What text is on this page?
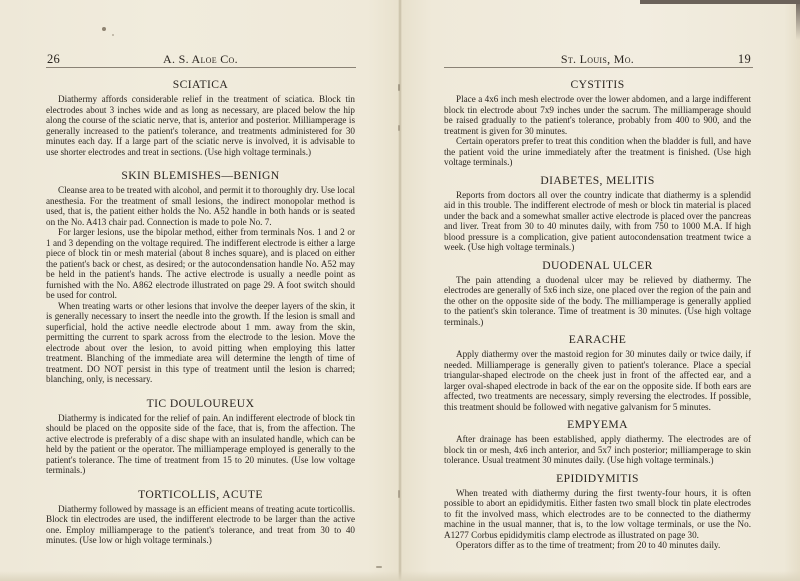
26	A. S. Aloe Co.
SCIATICA

Diathermy affords considerable relief in the treatment of sciatica. Block tin electrodes about 3 inches wide and as long as necessary, are placed below the hip along the course of the sciatic nerve, that is, anterior and posterior. Milliamperage is generally increased to the patient's tolerance, and treatments administered for 30 minutes each day. If a large part of the sciatic nerve is involved, it is advisable to use shorter electrodes and treat in sections. (Use high voltage terminals.)

SKIN BLEMISHES—BENIGN

Cleanse area to be treated with alcohol, and permit it to thoroughly dry. Use local anesthesia. For the treatment of small lesions, the indirect monopolar method is used, that is, the patient either holds the No. A52 handle in both hands or is seated on the No. A413 chair pad. Connection is made to pole No. 7.

For larger lesions, use the bipolar method, either from terminals Nos. 1 and 2 or 1 and 3 depending on the voltage required. The indifferent electrode is either a large piece of block tin or mesh material (about 8 inches square), and is placed on either the patient's back or chest, as desired; or the autocondensation handle No. A52 may be held in the patient's hands. The active electrode is usually a needle point as furnished with the No. A862 electrode illustrated on page 29. A foot switch should be used for control.

When treating warts or other lesions that involve the deeper layers of the skin, it is generally necessary to insert the needle into the growth. If the lesion is small and superficial, hold the active needle electrode about 1 mm. away from the skin, permitting the current to spark across from the electrode to the lesion. Move the electrode about over the lesion, to avoid pitting when employing this latter treatment. Blanching of the immediate area will determine the length of time of treatment. DO NOT persist in this type of treatment until the lesion is charred; blanching, only, is necessary.

TIC DOULOUREUX

Diathermy is indicated for the relief of pain. An indifferent electrode of block tin should be placed on the opposite side of the face, that is, from the affection. The active electrode is preferably of a disc shape with an insulated handle, which can be held by the patient or the operator. The milliamperage employed is generally to the patient's tolerance. The time of treatment from 15 to 20 minutes. (Use low voltage terminals.)

TORTICOLLIS, ACUTE

Diathermy followed by massage is an efficient means of treating acute torticollis. Block tin electrodes are used, the indifferent electrode to be larger than the active one. Employ milliamperage to the patient's tolerance, and treat from 30 to 40 minutes. (Use low or high voltage terminals.)

St. Louis, Mo.	19
CYSTITIS

Place a 4x6 inch mesh electrode over the lower abdomen, and a large indifferent block tin electrode about 7x9 inches under the sacrum. The milliamperage should be raised gradually to the patient's tolerance, probably from 400 to 900, and the treatment is given for 30 minutes.

Certain operators prefer to treat this condition when the bladder is full, and have the patient void the urine immediately after the treatment is finished. (Use high voltage terminals.)

DIABETES, MELITIS

Reports from doctors all over the country indicate that diathermy is a splendid aid in this trouble. The indifferent electrode of mesh or block tin material is placed under the back and a somewhat smaller active electrode is placed over the pancreas and liver. Treat from 30 to 40 minutes daily, with from 750 to 1000 M.A. If high blood pressure is a complication, give patient autocondensation treatment twice a week. (Use high voltage terminals.)

DUODENAL ULCER

The pain attending a duodenal ulcer may be relieved by diathermy. The electrodes are generally of 5x6 inch size, one placed over the region of the pain and the other on the opposite side of the body. The milliamperage is generally applied to the patient's skin tolerance. Time of treatment is 30 minutes. (Use high voltage terminals.)

EARACHE

Apply diathermy over the mastoid region for 30 minutes daily or twice daily, if needed. Milliamperage is generally given to patient's tolerance. Place a special triangular-shaped electrode on the cheek just in front of the affected ear, and a larger oval-shaped electrode in back of the ear on the opposite side. If both ears are affected, two treatments are necessary, simply reversing the electrodes. If possible, this treatment should be followed with negative galvanism for 5 minutes.

EMPYEMA

After drainage has been established, apply diathermy. The electrodes are of block tin or mesh, 4x6 inch anterior, and 5x7 inch posterior; milliamperage to skin tolerance. Usual treatment 30 minutes daily. (Use high voltage terminals.)

EPIDIDYMITIS

When treated with diathermy during the first twenty-four hours, it is often possible to abort an epididymitis. Either fasten two small block tin plate electrodes to fit the involved mass, which electrodes are to be connected to the diathermy machine in the usual manner, that is, to the low voltage terminals, or use the No. A1277 Corbus epididymitis clamp electrode as illustrated on page 30.

Operators differ as to the time of treatment; from 20 to 40 minutes daily.
